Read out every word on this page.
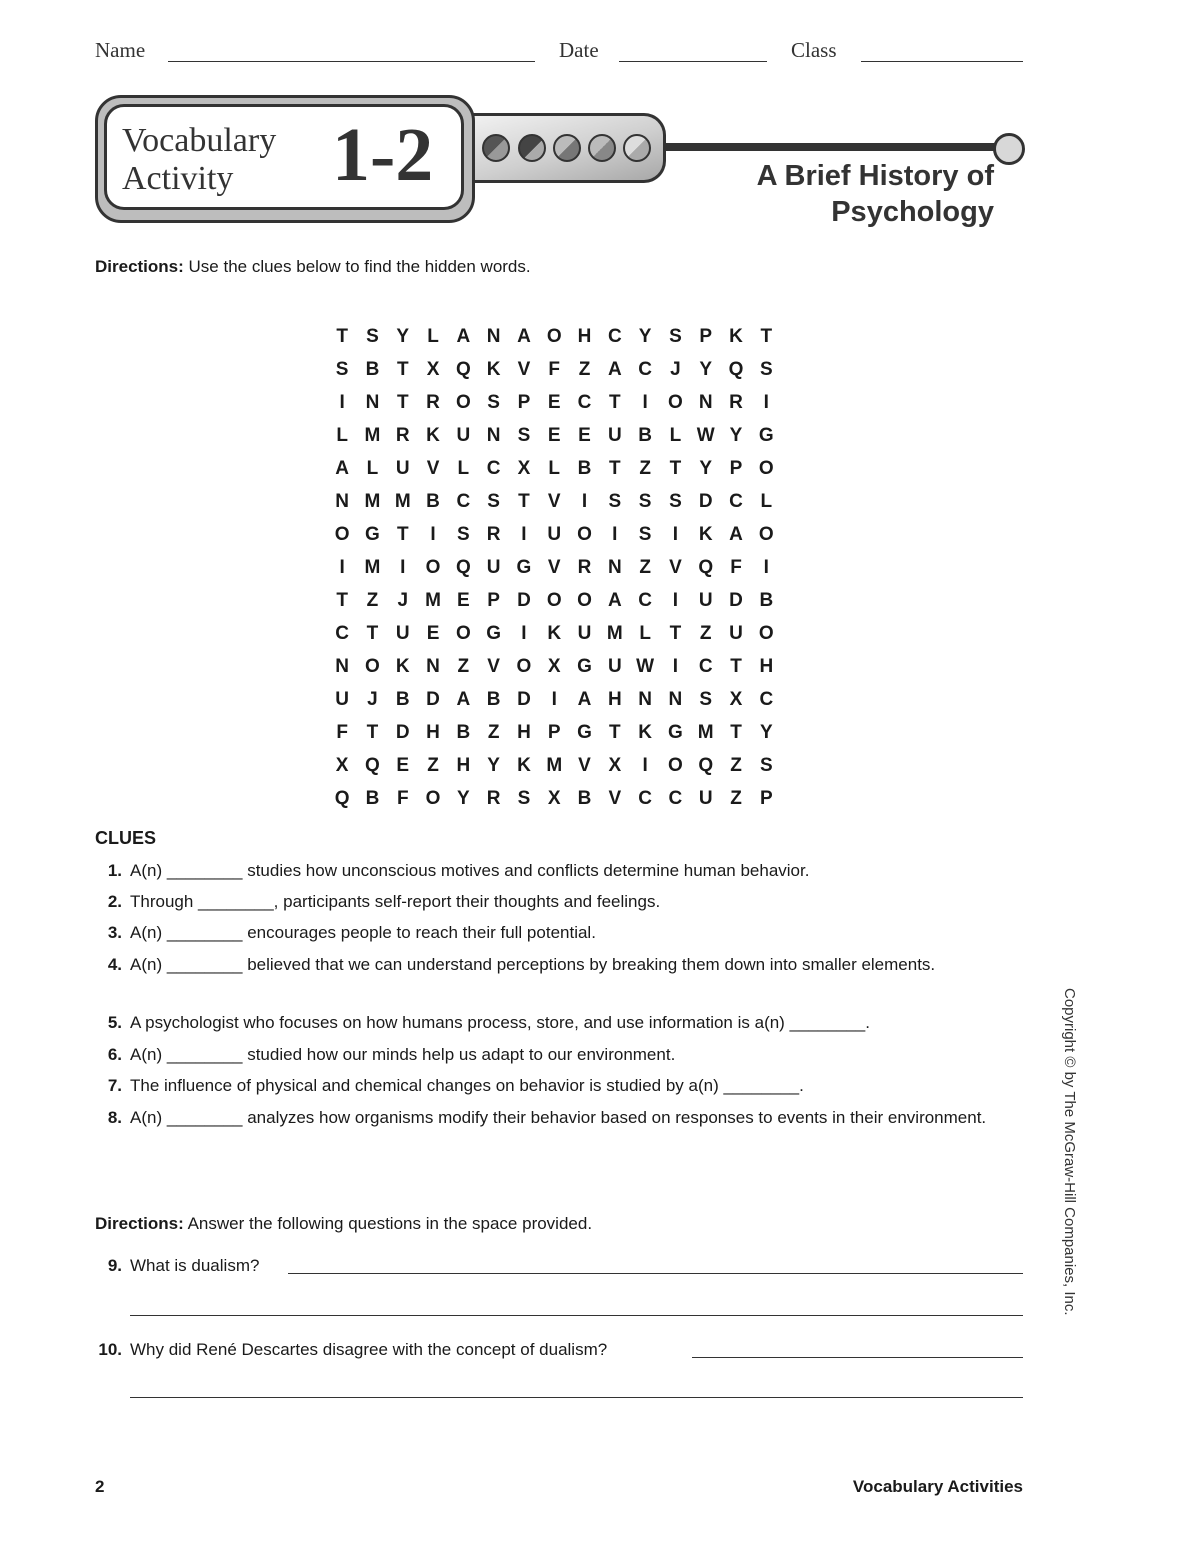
Name	Date	Class
Vocabulary
Activity 1-2	A Brief History of
Psychology
Directions: Use the clues below to find the hidden words.
T S Y L A N A O H C Y S P K T
S B T X Q K V F Z A C J Y Q S
I	N T R O S P E C T	I	O N R	I
L M R K U N S E E U B L W Y G
A L U V L C X L B T Z T Y P O
N M M B C S T V	I	S S S D C L
O G T	I	S R	I	U O	I	S	I	K A O
I	M	I	O Q U G V R N Z V Q F	I
T Z	J M E P D O O A C	I	U D B
C T U E O G	I	K U M L T Z U O
N O K N Z V O X G U W I	C T H
U J B D A B D	I	A H N N S X C
F T D H B Z H P G T K G M T Y
X Q E Z H Y K M V X	I	O Q Z S
Q B F O Y R S X B V C C U Z P
CLUES
1. A(n) ________ studies how unconscious motives and conflicts determine human behavior.
2. Through ________, participants self-report their thoughts and feelings.
3. A(n) ________ encourages people to reach their full potential.
4. A(n) ________ believed that we can understand perceptions by breaking them down into smaller elements.
5. A psychologist who focuses on how humans process, store, and use information is a(n) ________.
6. A(n) ________ studied how our minds help us adapt to our environment.
7. The influence of physical and chemical changes on behavior is studied by a(n) ________.
8. A(n) ________ analyzes how organisms modify their behavior based on responses to events in their environment.
Directions: Answer the following questions in the space provided.
9. What is dualism?
10. Why did René Descartes disagree with the concept of dualism?
Copyright © by The McGraw-Hill Companies, Inc.
2	Vocabulary Activities
